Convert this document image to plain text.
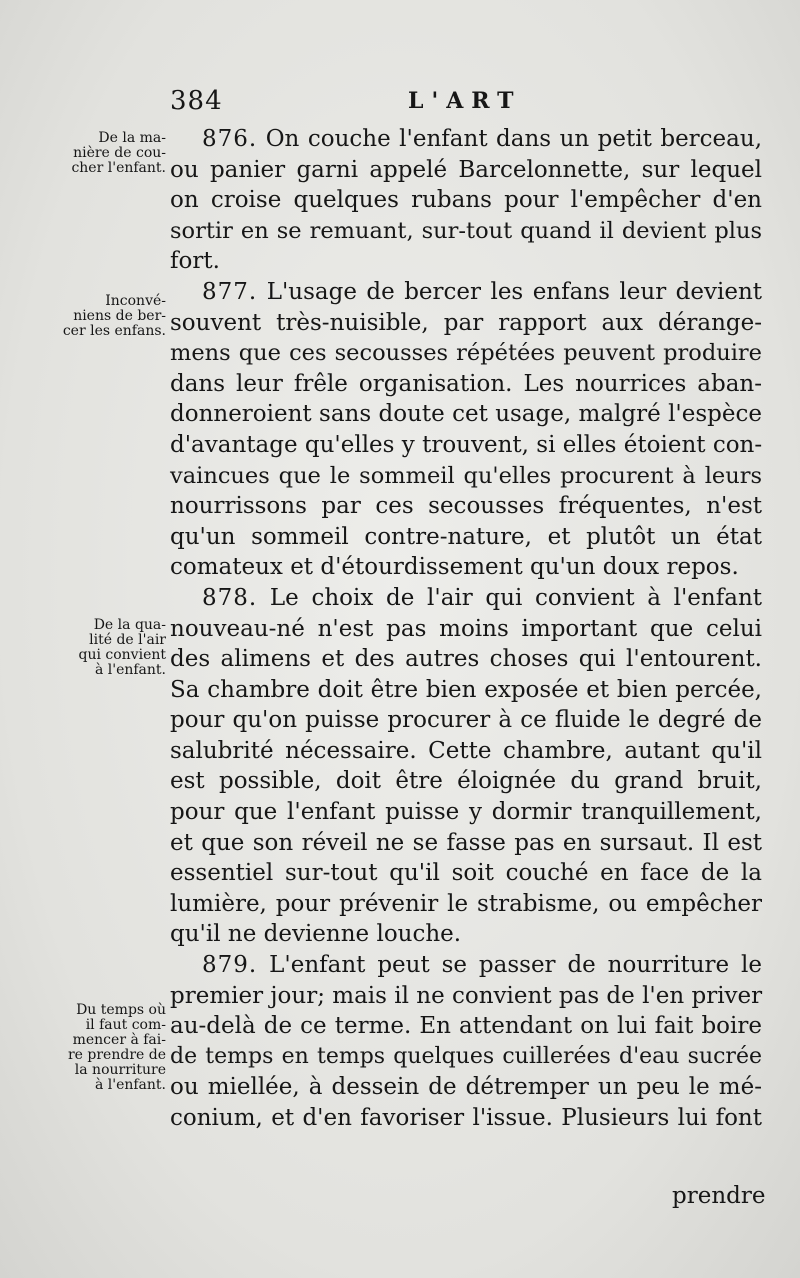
384	L'ART
De la ma-
nière de cou-
cher l'enfant.
Inconvé-
niens de ber-
cer les enfans.
De la qua-
lité de l'air
qui convient
à l'enfant.
Du temps où
il faut com-
mencer à fai-
re prendre de
la nourriture
à l'enfant.
876. On couche l'enfant dans un petit berceau,
ou panier garni appelé Barcelonnette, sur lequel
on croise quelques rubans pour l'empêcher d'en
sortir en se remuant, sur-tout quand il devient plus
fort.
877. L'usage de bercer les enfans leur devient
souvent très-nuisible, par rapport aux dérange-
mens que ces secousses répétées peuvent produire
dans leur frêle organisation. Les nourrices aban-
donneroient sans doute cet usage, malgré l'espèce
d'avantage qu'elles y trouvent, si elles étoient con-
vaincues que le sommeil qu'elles procurent à leurs
nourrissons par ces secousses fréquentes, n'est
qu'un sommeil contre-nature, et plutôt un état
comateux et d'étourdissement qu'un doux repos.
878. Le choix de l'air qui convient à l'enfant
nouveau-né n'est pas moins important que celui
des alimens et des autres choses qui l'entourent.
Sa chambre doit être bien exposée et bien percée,
pour qu'on puisse procurer à ce fluide le degré de
salubrité nécessaire. Cette chambre, autant qu'il
est possible, doit être éloignée du grand bruit,
pour que l'enfant puisse y dormir tranquillement,
et que son réveil ne se fasse pas en sursaut. Il est
essentiel sur-tout qu'il soit couché en face de la
lumière, pour prévenir le strabisme, ou empêcher
qu'il ne devienne louche.
879. L'enfant peut se passer de nourriture le
premier jour; mais il ne convient pas de l'en priver
au-delà de ce terme. En attendant on lui fait boire
de temps en temps quelques cuillerées d'eau sucrée
ou miellée, à dessein de détremper un peu le mé-
conium, et d'en favoriser l'issue. Plusieurs lui font
prendre
